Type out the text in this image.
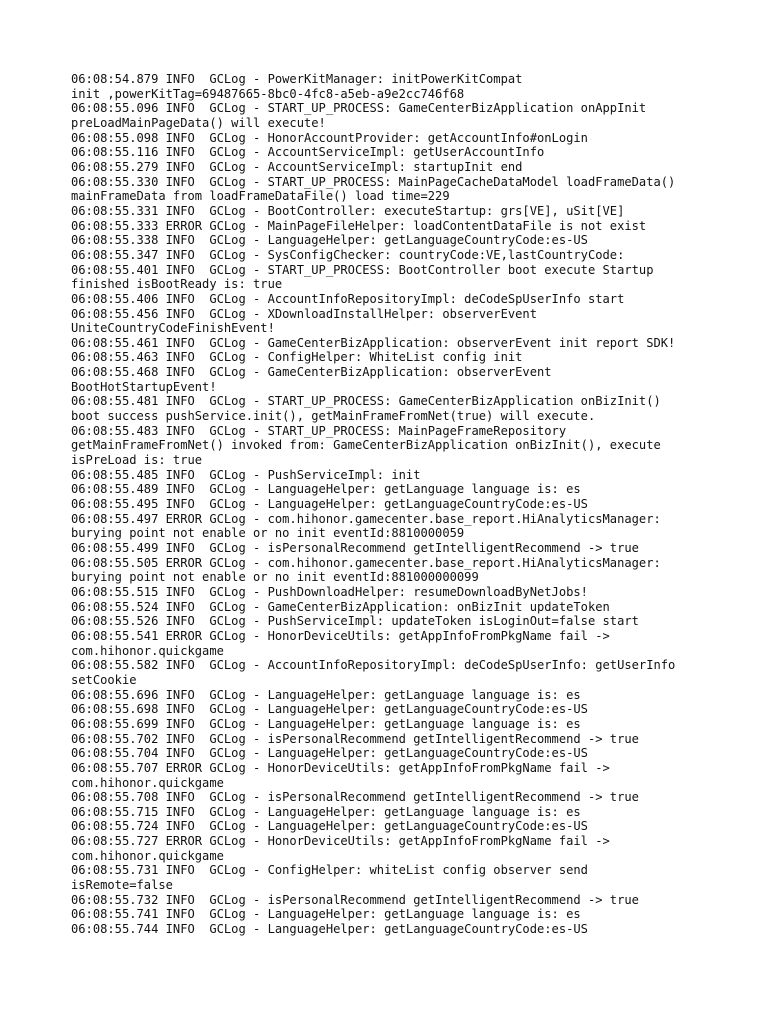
06:08:54.879 INFO  GCLog - PowerKitManager: initPowerKitCompat
init ,powerKitTag=69487665-8bc0-4fc8-a5eb-a9e2cc746f68
06:08:55.096 INFO  GCLog - START_UP_PROCESS: GameCenterBizApplication onAppInit
preLoadMainPageData() will execute!
06:08:55.098 INFO  GCLog - HonorAccountProvider: getAccountInfo#onLogin
06:08:55.116 INFO  GCLog - AccountServiceImpl: getUserAccountInfo
06:08:55.279 INFO  GCLog - AccountServiceImpl: startupInit end
06:08:55.330 INFO  GCLog - START_UP_PROCESS: MainPageCacheDataModel loadFrameData()
mainFrameData from loadFrameDataFile() load time=229
06:08:55.331 INFO  GCLog - BootController: executeStartup: grs[VE], uSit[VE]
06:08:55.333 ERROR GCLog - MainPageFileHelper: loadContentDataFile is not exist
06:08:55.338 INFO  GCLog - LanguageHelper: getLanguageCountryCode:es-US
06:08:55.347 INFO  GCLog - SysConfigChecker: countryCode:VE,lastCountryCode:
06:08:55.401 INFO  GCLog - START_UP_PROCESS: BootController boot execute Startup
finished isBootReady is: true
06:08:55.406 INFO  GCLog - AccountInfoRepositoryImpl: deCodeSpUserInfo start
06:08:55.456 INFO  GCLog - XDownloadInstallHelper: observerEvent
UniteCountryCodeFinishEvent!
06:08:55.461 INFO  GCLog - GameCenterBizApplication: observerEvent init report SDK!
06:08:55.463 INFO  GCLog - ConfigHelper: WhiteList config init
06:08:55.468 INFO  GCLog - GameCenterBizApplication: observerEvent
BootHotStartupEvent!
06:08:55.481 INFO  GCLog - START_UP_PROCESS: GameCenterBizApplication onBizInit()
boot success pushService.init(), getMainFrameFromNet(true) will execute.
06:08:55.483 INFO  GCLog - START_UP_PROCESS: MainPageFrameRepository
getMainFrameFromNet() invoked from: GameCenterBizApplication onBizInit(), execute
isPreLoad is: true
06:08:55.485 INFO  GCLog - PushServiceImpl: init
06:08:55.489 INFO  GCLog - LanguageHelper: getLanguage language is: es
06:08:55.495 INFO  GCLog - LanguageHelper: getLanguageCountryCode:es-US
06:08:55.497 ERROR GCLog - com.hihonor.gamecenter.base_report.HiAnalyticsManager:
burying point not enable or no init eventId:8810000059
06:08:55.499 INFO  GCLog - isPersonalRecommend getIntelligentRecommend -> true
06:08:55.505 ERROR GCLog - com.hihonor.gamecenter.base_report.HiAnalyticsManager:
burying point not enable or no init eventId:881000000099
06:08:55.515 INFO  GCLog - PushDownloadHelper: resumeDownloadByNetJobs!
06:08:55.524 INFO  GCLog - GameCenterBizApplication: onBizInit updateToken
06:08:55.526 INFO  GCLog - PushServiceImpl: updateToken isLoginOut=false start
06:08:55.541 ERROR GCLog - HonorDeviceUtils: getAppInfoFromPkgName fail ->
com.hihonor.quickgame
06:08:55.582 INFO  GCLog - AccountInfoRepositoryImpl: deCodeSpUserInfo: getUserInfo
setCookie
06:08:55.696 INFO  GCLog - LanguageHelper: getLanguage language is: es
06:08:55.698 INFO  GCLog - LanguageHelper: getLanguageCountryCode:es-US
06:08:55.699 INFO  GCLog - LanguageHelper: getLanguage language is: es
06:08:55.702 INFO  GCLog - isPersonalRecommend getIntelligentRecommend -> true
06:08:55.704 INFO  GCLog - LanguageHelper: getLanguageCountryCode:es-US
06:08:55.707 ERROR GCLog - HonorDeviceUtils: getAppInfoFromPkgName fail ->
com.hihonor.quickgame
06:08:55.708 INFO  GCLog - isPersonalRecommend getIntelligentRecommend -> true
06:08:55.715 INFO  GCLog - LanguageHelper: getLanguage language is: es
06:08:55.724 INFO  GCLog - LanguageHelper: getLanguageCountryCode:es-US
06:08:55.727 ERROR GCLog - HonorDeviceUtils: getAppInfoFromPkgName fail ->
com.hihonor.quickgame
06:08:55.731 INFO  GCLog - ConfigHelper: whiteList config observer send
isRemote=false
06:08:55.732 INFO  GCLog - isPersonalRecommend getIntelligentRecommend -> true
06:08:55.741 INFO  GCLog - LanguageHelper: getLanguage language is: es
06:08:55.744 INFO  GCLog - LanguageHelper: getLanguageCountryCode:es-US
